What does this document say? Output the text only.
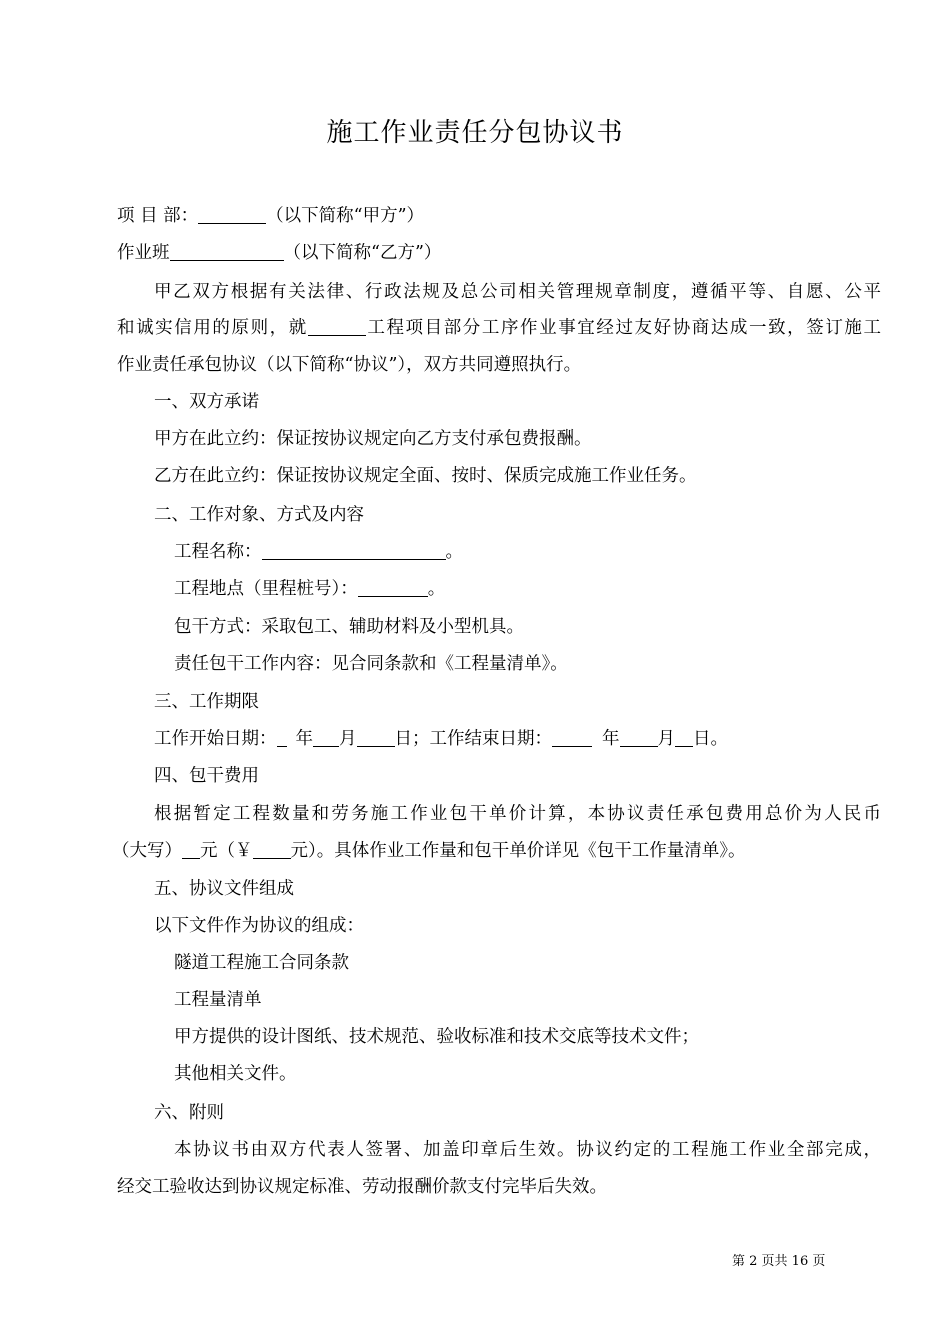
施工作业责任分包协议书
项 目 部：	（以下简称“甲方”）
作业班	（以下简称“乙方”）
甲乙双方根据有关法律、行政法规及总公司相关管理规章制度，遵循平等、自愿、公平
和诚实信用的原则，就	工程项目部分工序作业事宜经过友好协商达成一致，签订施工
作业责任承包协议（以下简称“协议”），双方共同遵照执行。
一、双方承诺
甲方在此立约：保证按协议规定向乙方支付承包费报酬。
乙方在此立约：保证按协议规定全面、按时、保质完成施工作业任务。
二、工作对象、方式及内容
工程名称：	。
工程地点（里程桩号）：	。
包干方式：采取包工、辅助材料及小型机具。
责任包干工作内容：见合同条款和《工程量清单》。
三、工作期限
工作开始日期： 年 月 日；工作结束日期：	年 月 日。
四、包干费用
根据暂定工程数量和劳务施工作业包干单价计算，本协议责任承包费用总价为人民币
（大写） 元（￥ 元）。具体作业工作量和包干单价详见《包干工作量清单》。
五、协议文件组成
以下文件作为协议的组成：
隧道工程施工合同条款
工程量清单
甲方提供的设计图纸、技术规范、验收标准和技术交底等技术文件；
其他相关文件。
六、附则
本协议书由双方代表人签署、加盖印章后生效。协议约定的工程施工作业全部完成，
经交工验收达到协议规定标准、劳动报酬价款支付完毕后失效。
第 2 页共 16 页
